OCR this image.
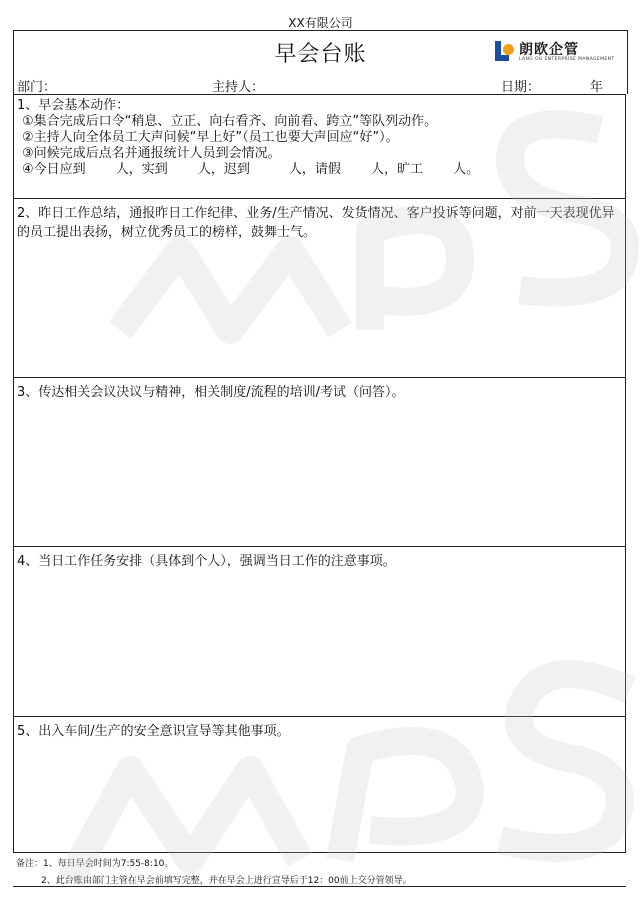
XX有限公司
早会台账	朗欧企管
LANG OU ENTERPRISE MANAGEMENT
部门：	主持人：	日期：	年
1、早会基本动作：
①集合完成后口令“稍息、立正、向右看齐、向前看、跨立”等队列动作。
②主持人向全体员工大声问候“早上好”（员工也要大声回应“好”）。
③问候完成后点名并通报统计人员到会情况。
④今日应到　　 人，实到　　 人，迟到　　　人，请假　　 人，旷工　　 人。
2、昨日工作总结，通报昨日工作纪律、业务/生产情况、发货情况、客户投诉等问题，对前一天表现优异的员工提出表扬，树立优秀员工的榜样，鼓舞士气。
3、传达相关会议决议与精神，相关制度/流程的培训/考试（问答）。
4、当日工作任务安排（具体到个人），强调当日工作的注意事项。
5、出入车间/生产的安全意识宣导等其他事项。
备注：1、每日早会时间为7:55-8:10。
2、此台账由部门主管在早会前填写完整，并在早会上进行宣导后于12：00前上交分管领导。
